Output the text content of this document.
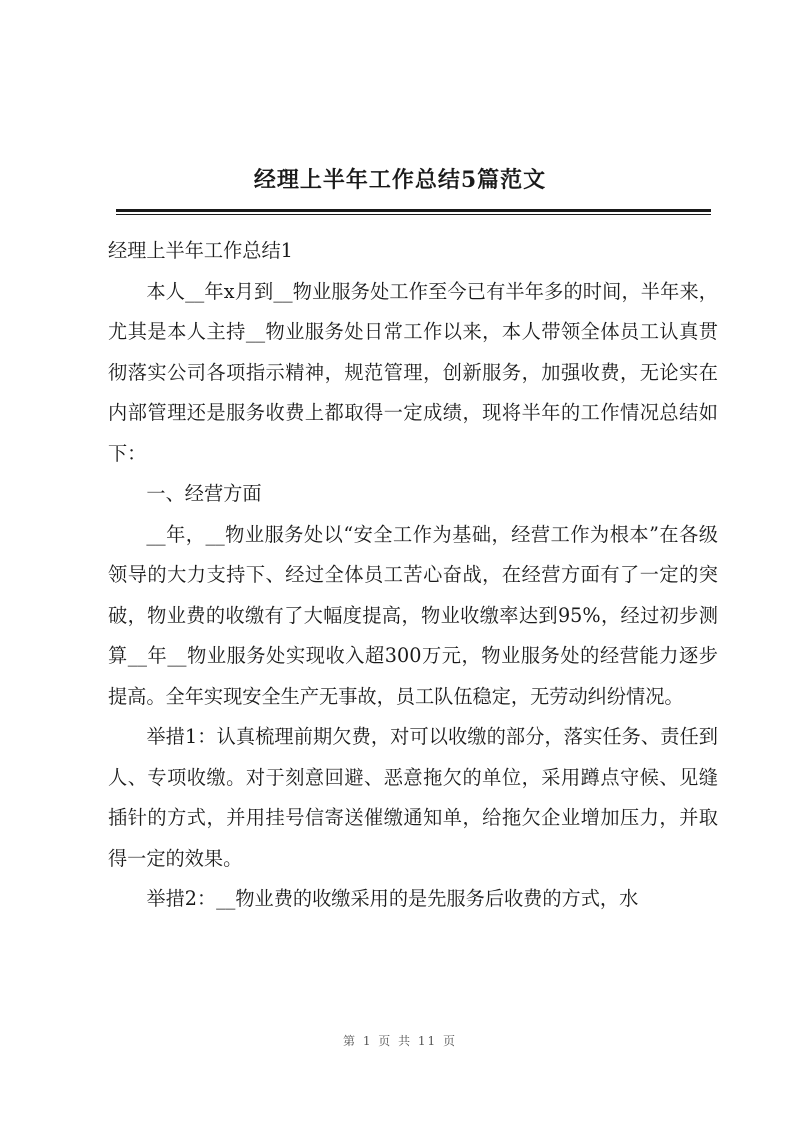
经理上半年工作总结5篇范文

经理上半年工作总结1

本人__年x月到__物业服务处工作至今已有半年多的时间，半年来，尤其是本人主持__物业服务处日常工作以来，本人带领全体员工认真贯彻落实公司各项指示精神，规范管理，创新服务，加强收费，无论实在内部管理还是服务收费上都取得一定成绩，现将半年的工作情况总结如下：

一、经营方面

__年，__物业服务处以“安全工作为基础，经营工作为根本”在各级领导的大力支持下、经过全体员工苦心奋战，在经营方面有了一定的突破，物业费的收缴有了大幅度提高，物业收缴率达到95%，经过初步测算__年__物业服务处实现收入超300万元，物业服务处的经营能力逐步提高。全年实现安全生产无事故，员工队伍稳定，无劳动纠纷情况。

举措1：认真梳理前期欠费，对可以收缴的部分，落实任务、责任到人、专项收缴。对于刻意回避、恶意拖欠的单位，采用蹲点守候、见缝插针的方式，并用挂号信寄送催缴通知单，给拖欠企业增加压力，并取得一定的效果。

举措2：__物业费的收缴采用的是先服务后收费的方式，水

第 1 页 共 11 页
